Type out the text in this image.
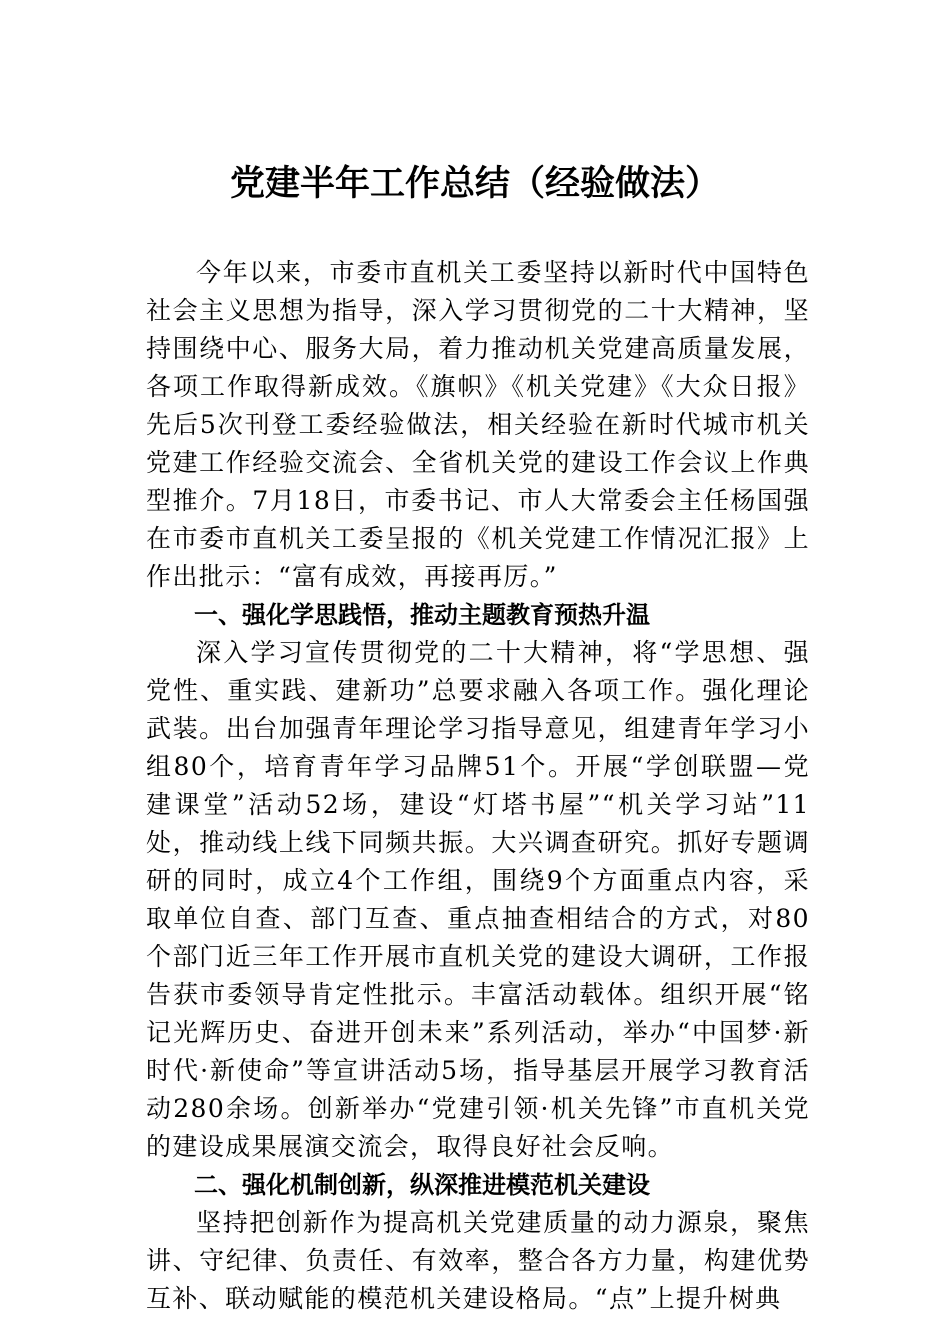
党建半年工作总结（经验做法）

今年以来，市委市直机关工委坚持以新时代中国特色社会主义思想为指导，深入学习贯彻党的二十大精神，坚持围绕中心、服务大局，着力推动机关党建高质量发展，各项工作取得新成效。《旗帜》《机关党建》《大众日报》先后5次刊登工委经验做法，相关经验在新时代城市机关党建工作经验交流会、全省机关党的建设工作会议上作典型推介。7月18日，市委书记、市人大常委会主任杨国强在市委市直机关工委呈报的《机关党建工作情况汇报》上作出批示：“富有成效，再接再厉。”

一、强化学思践悟，推动主题教育预热升温

深入学习宣传贯彻党的二十大精神，将“学思想、强党性、重实践、建新功”总要求融入各项工作。强化理论武装。出台加强青年理论学习指导意见，组建青年学习小组80个，培育青年学习品牌51个。开展“学创联盟—党建课堂”活动52场，建设“灯塔书屋”“机关学习站”11处，推动线上线下同频共振。大兴调查研究。抓好专题调研的同时，成立4个工作组，围绕9个方面重点内容，采取单位自查、部门互查、重点抽查相结合的方式，对80个部门近三年工作开展市直机关党的建设大调研，工作报告获市委领导肯定性批示。丰富活动载体。组织开展“铭记光辉历史、奋进开创未来”系列活动，举办“中国梦·新时代·新使命”等宣讲活动5场，指导基层开展学习教育活动280余场。创新举办“党建引领·机关先锋”市直机关党的建设成果展演交流会，取得良好社会反响。

二、强化机制创新，纵深推进模范机关建设

坚持把创新作为提高机关党建质量的动力源泉，聚焦讲、守纪律、负责任、有效率，整合各方力量，构建优势互补、联动赋能的模范机关建设格局。“点”上提升树典
